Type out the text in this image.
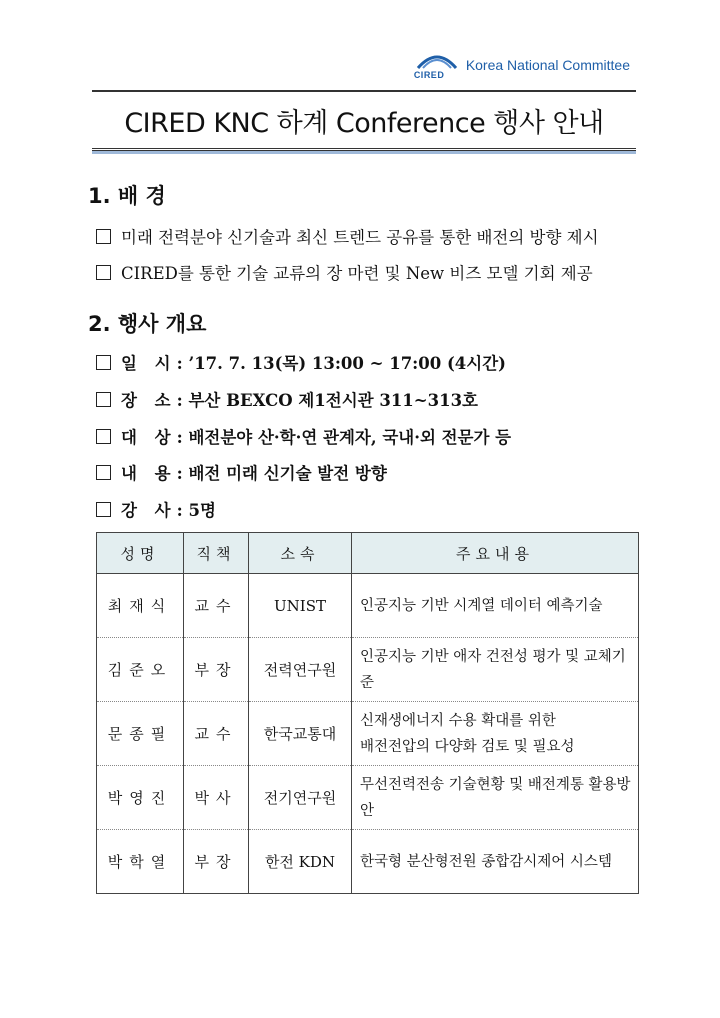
CIRED
Korea National Committee
CIRED KNC 하계 Conference 행사 안내
1. 배 경
미래 전력분야 신기술과 최신 트렌드 공유를 통한 배전의 방향 제시
CIRED를 통한 기술 교류의 장 마련 및 New 비즈 모델 기회 제공
2. 행사 개요
일 시 : ’17. 7. 13(목) 13:00 ~ 17:00 (4시간)
장 소 : 부산 BEXCO 제1전시관 311~313호
대 상 : 배전분야 산·학·연 관계자, 국내·외 전문가 등
내 용 : 배전 미래 신기술 발전 방향
강 사 : 5명
성명	직책	소속	주요내용
최재식	교수	UNIST	인공지능 기반 시계열 데이터 예측기술
김준오	부장	전력연구원	인공지능 기반 애자 건전성 평가 및 교체기준
문종필	교수	한국교통대	신재생에너지 수용 확대를 위한
배전전압의 다양화 검토 및 필요성

박영진	박사	전기연구원	무선전력전송 기술현황 및 배전계통 활용방안
박학열	부장	한전 KDN	한국형 분산형전원 종합감시제어 시스템
